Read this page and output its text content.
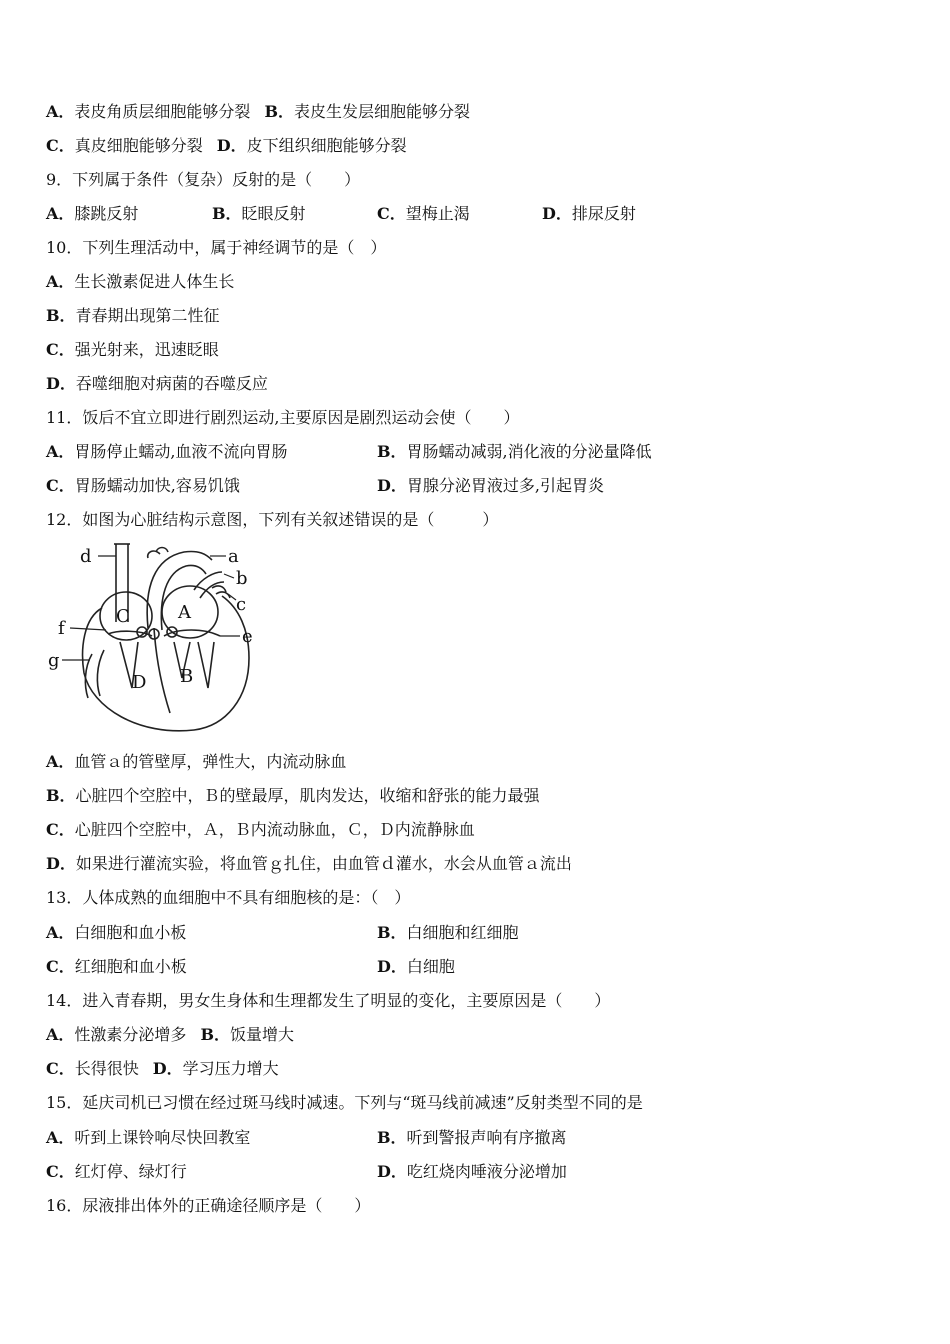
A．表皮角质层细胞能够分裂 B．表皮生发层细胞能够分裂
C．真皮细胞能够分裂 D．皮下组织细胞能够分裂
9．下列属于条件（复杂）反射的是（　　）
A．膝跳反射	B．眨眼反射	C．望梅止渴	D．排尿反射
10．下列生理活动中，属于神经调节的是（　）
A．生长激素促进人体生长
B．青春期出现第二性征
C．强光射来，迅速眨眼
D．吞噬细胞对病菌的吞噬反应
11．饭后不宜立即进行剧烈运动,主要原因是剧烈运动会使（　　）
A．胃肠停止蠕动,血液不流向胃肠	B．胃肠蠕动减弱,消化液的分泌量降低
C．胃肠蠕动加快,容易饥饿	D．胃腺分泌胃液过多,引起胃炎
12．如图为心脏结构示意图，下列有关叙述错误的是（　　　）
d	a
b
c
f	e
g
C	A
D B
A．血管ａ的管壁厚，弹性大，内流动脉血
B．心脏四个空腔中，Ｂ的壁最厚，肌肉发达，收缩和舒张的能力最强
C．心脏四个空腔中，Ａ，Ｂ内流动脉血，Ｃ，Ｄ内流静脉血
D．如果进行灌流实验，将血管ｇ扎住，由血管ｄ灌水，水会从血管ａ流出
13．人体成熟的血细胞中不具有细胞核的是：（　）
A．白细胞和血小板	B．白细胞和红细胞
C．红细胞和血小板	D．白细胞
14．进入青春期，男女生身体和生理都发生了明显的变化，主要原因是（　　）
A．性激素分泌增多 B．饭量增大
C．长得很快 D．学习压力增大
15．延庆司机已习惯在经过斑马线时减速。下列与“斑马线前减速”反射类型不同的是
A．听到上课铃响尽快回教室	B．听到警报声响有序撤离
C．红灯停、绿灯行	D．吃红烧肉唾液分泌增加
16．尿液排出体外的正确途径顺序是（　　）
